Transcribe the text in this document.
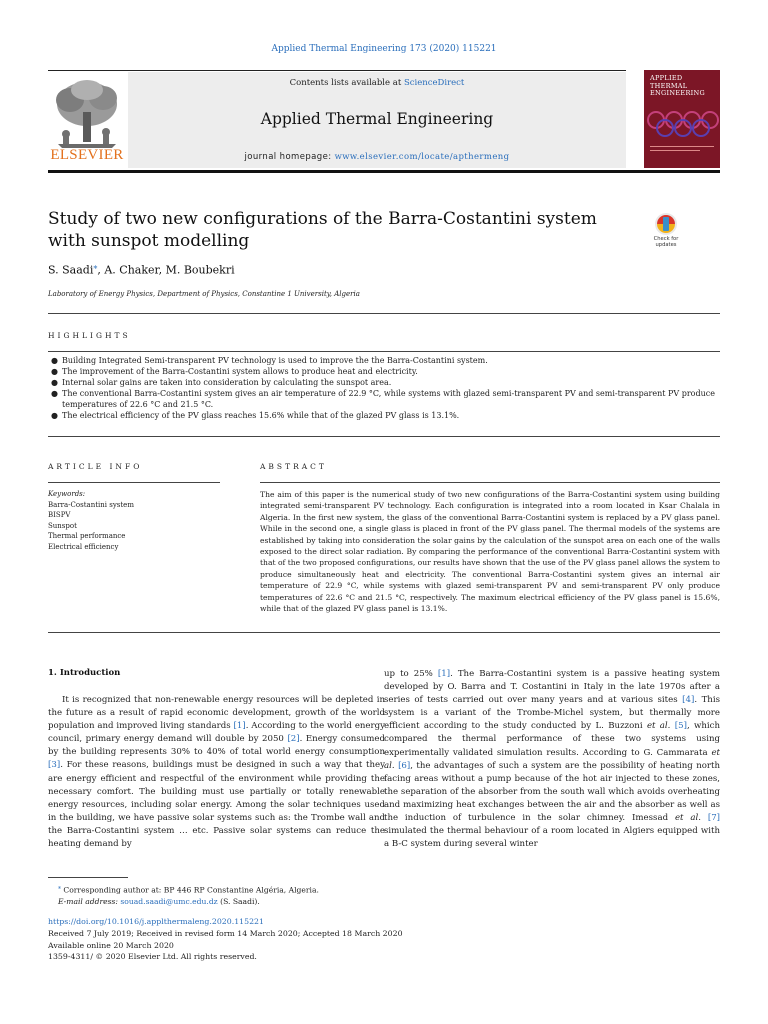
Applied Thermal Engineering 173 (2020) 115221
ELSEVIER
Contents lists available at ScienceDirect
Applied Thermal Engineering
journal homepage: www.elsevier.com/locate/apthermeng
APPLIED
THERMAL
ENGINEERING
Study of two new configurations of the Barra-Costantini system with sunspot modelling	Check for updates
S. Saadi⁎, A. Chaker, M. Boubekri
Laboratory of Energy Physics, Department of Physics, Constantine 1 University, Algeria
HIGHLIGHTS
● Building Integrated Semi-transparent PV technology is used to improve the the Barra-Costantini system.
● The improvement of the Barra-Costantini system allows to produce heat and electricity.
● Internal solar gains are taken into consideration by calculating the sunspot area.
● The conventional Barra-Costantini system gives an air temperature of 22.9 °C, while systems with glazed semi-transparent PV and semi-transparent PV produce temperatures of 22.6 °C and 21.5 °C.
● The electrical efficiency of the PV glass reaches 15.6% while that of the glazed PV glass is 13.1%.
ARTICLE INFO	ABSTRACT
Keywords:
Barra-Costantini system
BISPV
Sunspot
Thermal performance
Electrical efficiency

The aim of this paper is the numerical study of two new configurations of the Barra-Costantini system using building integrated semi-transparent PV technology. Each configuration is integrated into a room located in Ksar Chalala in Algeria. In the first new system, the glass of the conventional Barra-Costantini system is replaced by a PV glass panel. While in the second one, a single glass is placed in front of the PV glass panel. The thermal models of the systems are established by taking into consideration the solar gains by the calculation of the sunspot area on each one of the walls exposed to the direct solar radiation. By comparing the performance of the conventional Barra-Costantini system with that of the two proposed configurations, our results have shown that the use of the PV glass panel allows the system to produce simultaneously heat and electricity. The conventional Barra-Costantini system gives an internal air temperature of 22.9 °C, while systems with glazed semi-transparent PV and semi-transparent PV only produce temperatures of 22.6 °C and 21.5 °C, respectively. The maximum electrical efficiency of the PV glass panel is 15.6%, while that of the glazed PV glass panel is 13.1%.

1. Introduction

It is recognized that non-renewable energy resources will be depleted in the future as a result of rapid economic development, growth of the world population and improved living standards [1]. According to the world energy council, primary energy demand will double by 2050 [2]. Energy consumed by the building represents 30% to 40% of total world energy consumption [3]. For these reasons, buildings must be designed in such a way that they are energy efficient and respectful of the environment while providing the necessary comfort. The building must use partially or totally renewable energy resources, including solar energy. Among the solar techniques used in the building, we have passive solar systems such as: the Trombe wall and the Barra-Costantini system … etc. Passive solar systems can reduce the heating demand by

up to 25% [1]. The Barra-Costantini system is a passive heating system developed by O. Barra and T. Costantini in Italy in the late 1970s after a series of tests carried out over many years and at various sites [4]. This system is a variant of the Trombe-Michel system, but thermally more efficient according to the study conducted by L. Buzzoni et al. [5], which compared the thermal performance of these two systems using experimentally validated simulation results. According to G. Cammarata et al. [6], the advantages of such a system are the possibility of heating north facing areas without a pump because of the hot air injected to these zones, the separation of the absorber from the south wall which avoids overheating and maximizing heat exchanges between the air and the absorber as well as the induction of turbulence in the solar chimney. Imessad et al. [7] simulated the thermal behaviour of a room located in Algiers equipped with a B-C system during several winter

⁎ Corresponding author at: BP 446 RP Constantine Algéria, Algeria.
E-mail address: souad.saadi@umc.edu.dz (S. Saadi).
https://doi.org/10.1016/j.applthermaleng.2020.115221
Received 7 July 2019; Received in revised form 14 March 2020; Accepted 18 March 2020
Available online 20 March 2020
1359-4311/ © 2020 Elsevier Ltd. All rights reserved.
